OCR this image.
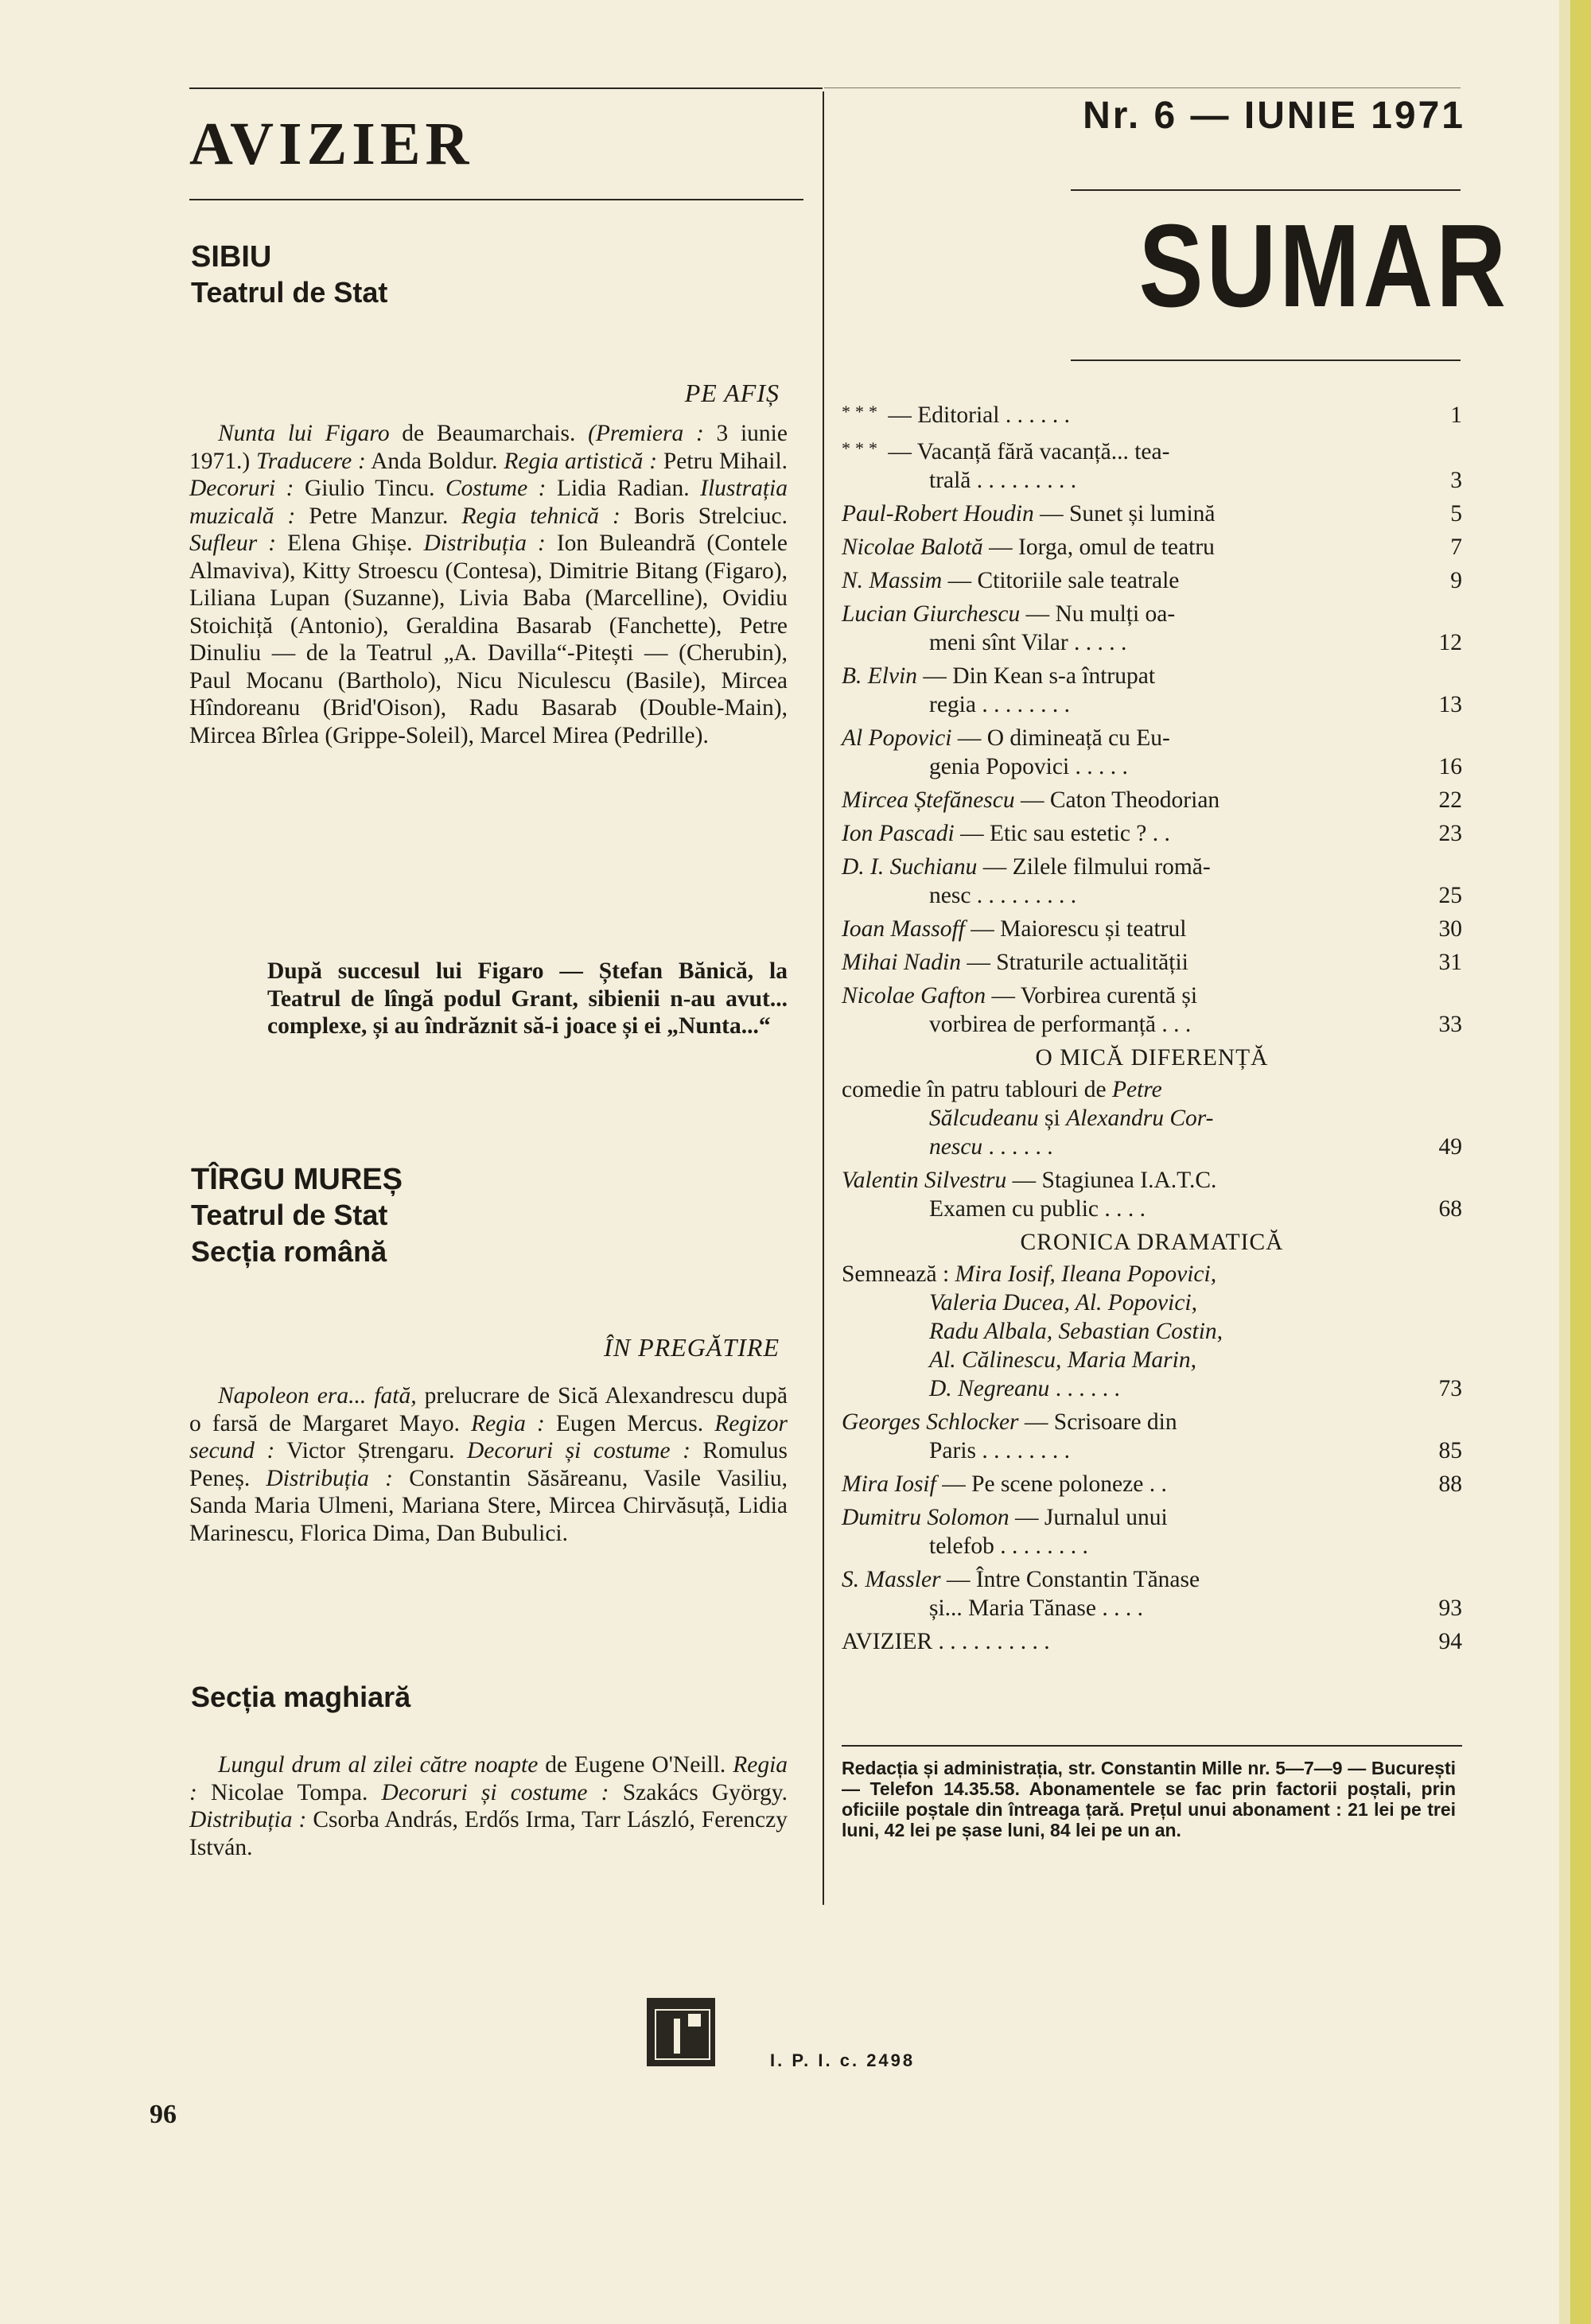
AVIZIER

SIBIU

Teatrul de Stat

PE AFIȘ

Nunta lui Figaro de Beaumarchais. (Premiera : 3 iunie 1971.) Traducere : Anda Boldur. Regia artistică : Petru Mihail. Decoruri : Giulio Tincu. Costume : Lidia Radian. Ilustrația muzicală : Petre Manzur. Regia tehnică : Boris Strelciuc. Sufleur : Elena Ghișe. Distribuția : Ion Buleandră (Contele Almaviva), Kitty Stroescu (Contesa), Dimitrie Bitang (Figaro), Liliana Lupan (Suzanne), Livia Baba (Marcelline), Ovidiu Stoichiță (Antonio), Geraldina Basarab (Fanchette), Petre Dinuliu — de la Teatrul „A. Davilla“-Pitești — (Cherubin), Paul Mocanu (Bartholo), Nicu Niculescu (Basile), Mircea Hîndoreanu (Brid'Oison), Radu Basarab (Double-Main), Mircea Bîrlea (Grippe-Soleil), Marcel Mirea (Pedrille).

După succesul lui Figaro — Ștefan Bănică, la Teatrul de lîngă podul Grant, sibienii n-au avut... complexe, și au îndrăznit să-i joace și ei „Nunta...“

TÎRGU MUREȘ

Teatrul de Stat

Secția română

ÎN PREGĂTIRE

Napoleon era... fată, prelucrare de Sică Alexandrescu după o farsă de Margaret Mayo. Regia : Eugen Mercus. Regizor secund : Victor Ștrengaru. Decoruri și costume : Romulus Peneș. Distribuția : Constantin Săsăreanu, Vasile Vasiliu, Sanda Maria Ulmeni, Mariana Stere, Mircea Chirvăsuță, Lidia Marinescu, Florica Dima, Dan Bubulici.

Secția maghiară

Lungul drum al zilei către noapte de Eugene O'Neill. Regia : Nicolae Tompa. Decoruri și costume : Szakács György. Distribuția : Csorba András, Erdős Irma, Tarr László, Ferenczy István.

96

Nr. 6 — IUNIE 1971

SUMAR
*** — Editorial . . . . . .	1
*** — Vacanță fără vacanță... tea-
trală . . . . . . . . .	3
Paul-Robert Houdin — Sunet și lumină	5
Nicolae Balotă — Iorga, omul de teatru	7
N. Massim — Ctitoriile sale teatrale	9
Lucian Giurchescu — Nu mulți oa-
meni sînt Vilar . . . . .	12
B. Elvin — Din Kean s-a întrupat
regia . . . . . . . .	13
Al Popovici — O dimineață cu Eu-
genia Popovici . . . . .	16
Mircea Ștefănescu — Caton Theodorian	22
Ion Pascadi — Etic sau estetic ? . .	23
D. I. Suchianu — Zilele filmului romă-
nesc . . . . . . . . .	25
Ioan Massoff — Maiorescu și teatrul	30
Mihai Nadin — Straturile actualității	31
Nicolae Gafton — Vorbirea curentă și
vorbirea de performanță . . .	33

O MICĂ DIFERENȚĂ

comedie în patru tablouri de Petre
Sălcudeanu și Alexandru Cor-
nescu . . . . . .	49
Valentin Silvestru — Stagiunea I.A.T.C.
Examen cu public . . . .	68

CRONICA DRAMATICĂ

Semnează : Mira Iosif, Ileana Popovici,
Valeria Ducea, Al. Popovici,
Radu Albala, Sebastian Costin,
Al. Călinescu, Maria Marin,
D. Negreanu . . . . . .	73
Georges Schlocker — Scrisoare din
Paris . . . . . . . .	85
Mira Iosif — Pe scene poloneze . .	88
Dumitru Solomon — Jurnalul unui
telefob . . . . . . . .
S. Massler — Între Constantin Tănase
și... Maria Tănase . . . .	93
AVIZIER . . . . . . . . . .	94

Redacția și administrația, str. Constantin Mille nr. 5—7—9 — București — Telefon 14.35.58. Abonamentele se fac prin factorii poștali, prin oficiile poștale din întreaga țară. Prețul unui abonament : 21 lei pe trei luni, 42 lei pe șase luni, 84 lei pe un an.

I. P. I. c. 2498
